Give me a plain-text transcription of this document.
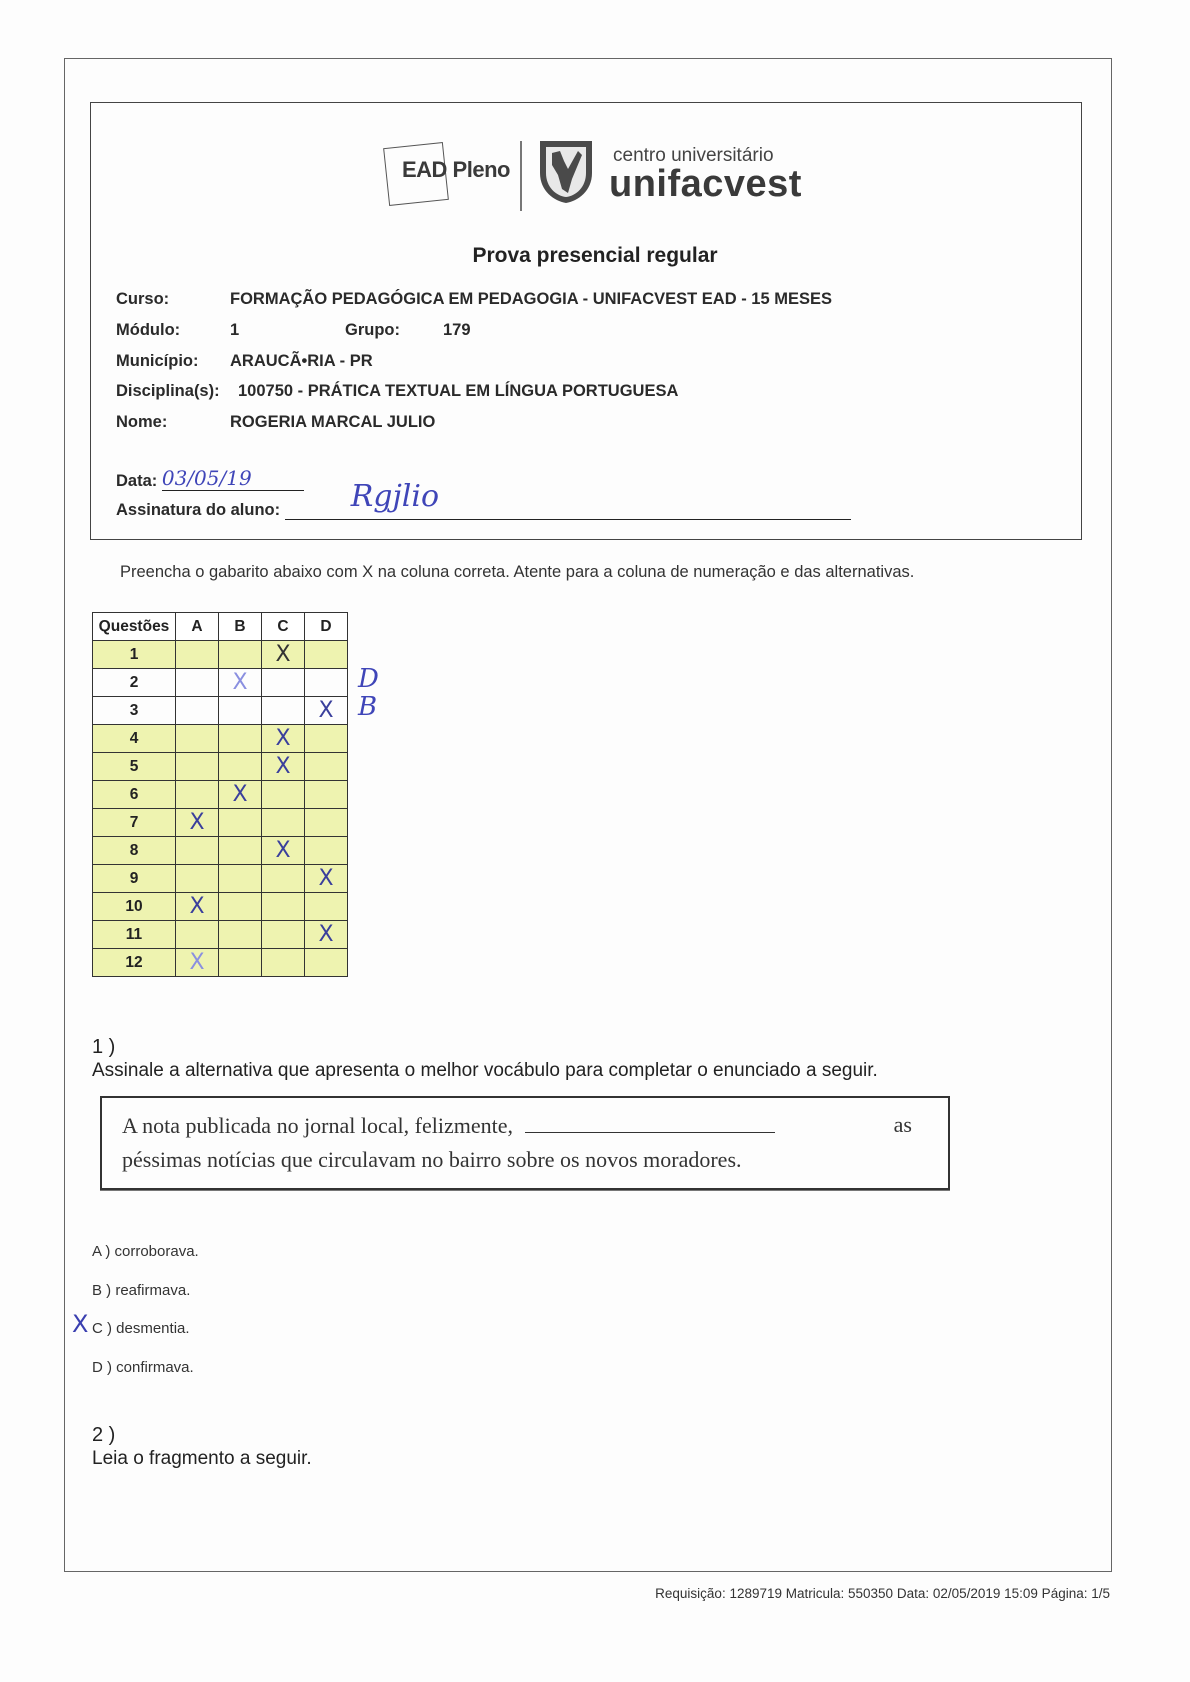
EAD Pleno
centro universitário
unifacvest
Prova presencial regular
Curso:	FORMAÇÃO PEDAGÓGICA EM PEDAGOGIA - UNIFACVEST EAD - 15 MESES
Módulo:	1	Grupo:	179
Município: ARAUCÃ•RIA - PR
Disciplina(s): 100750 - PRÁTICA TEXTUAL EM LÍNGUA PORTUGUESA
Nome:	ROGERIA MARCAL JULIO
Data: 03/05/19
Assinatura do aluno: Rgjlio
Preencha o gabarito abaixo com X na coluna correta. Atente para a coluna de numeração e das alternativas.
Questões	A	B	C	D
1			X	
2		X		
3				X
4			X	
5			X	
6		X		
7	X			
8			X	
9				X
10	X			
11				X
12	X			
D
B
1 )
Assinale a alternativa que apresenta o melhor vocábulo para completar o enunciado a seguir.
A nota publicada no jornal local, felizmente,	as
péssimas notícias que circulavam no bairro sobre os novos moradores.
A ) corroborava.
B ) reafirmava.
X C ) desmentia.
D ) confirmava.
2 )
Leia o fragmento a seguir.
Requisição: 1289719 Matricula: 550350 Data: 02/05/2019 15:09 Página: 1/5
